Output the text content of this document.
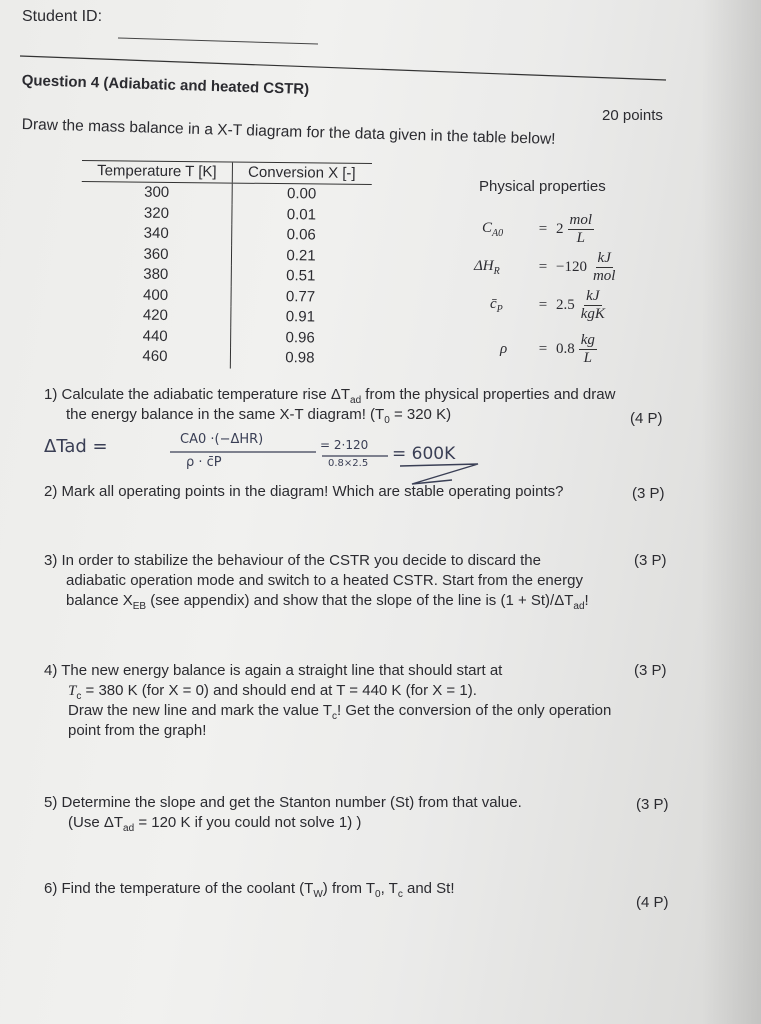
Student ID:
Question 4 (Adiabatic and heated CSTR)
20 points
Draw the mass balance in a X-T diagram for the data given in the table below!
Temperature T [K]	Conversion X [-]
300	0.00
320	0.01
340	0.06
360	0.21
380	0.51
400	0.77
420	0.91
440	0.96
460	0.98
Physical properties
$C_{A0}$	= $2 \frac{\text{mol}}{L}$
$\Delta H_R$	= $-120 \frac{kJ}{\text{mol}}$
$c̄_P$	= $2.5 \frac{kJ}{\text{kgK}}$
ρ	= $0.8 \frac{kg}{L}$
1) Calculate the adiabatic temperature rise $\Delta T_{ad}$ from the physical properties and draw
the energy balance in the same X-T diagram! ($T_0 = 320$ K)	(4 P)
ΔTad =	CA0 ·(−ΔHR)
ρ · c̄P
= 2·120
0.8×2.5 = 600K
2) Mark all operating points in the diagram! Which are stable operating points?	(3 P)
3) In order to stabilize the behaviour of the CSTR you decide to discard the	(3 P)
adiabatic operation mode and switch to a heated CSTR. Start from the energy
balance $X_{EB}$ (see appendix) and show that the slope of the line is $(1 + St)/\Delta T_{ad}$!
4) The new energy balance is again a straight line that should start at	(3 P)
$T_c = 380$ K (for X = 0) and should end at T = 440 K (for X = 1).
Draw the new line and mark the value $T_c$! Get the conversion of the only operation
point from the graph!
5) Determine the slope and get the Stanton number (St) from that value.	(3 P)
(Use $\Delta T_{ad} = 120$ K if you could not solve 1) )
6) Find the temperature of the coolant $(T_W)$ from $T_0$, $T_c$ and St!
(4 P)
